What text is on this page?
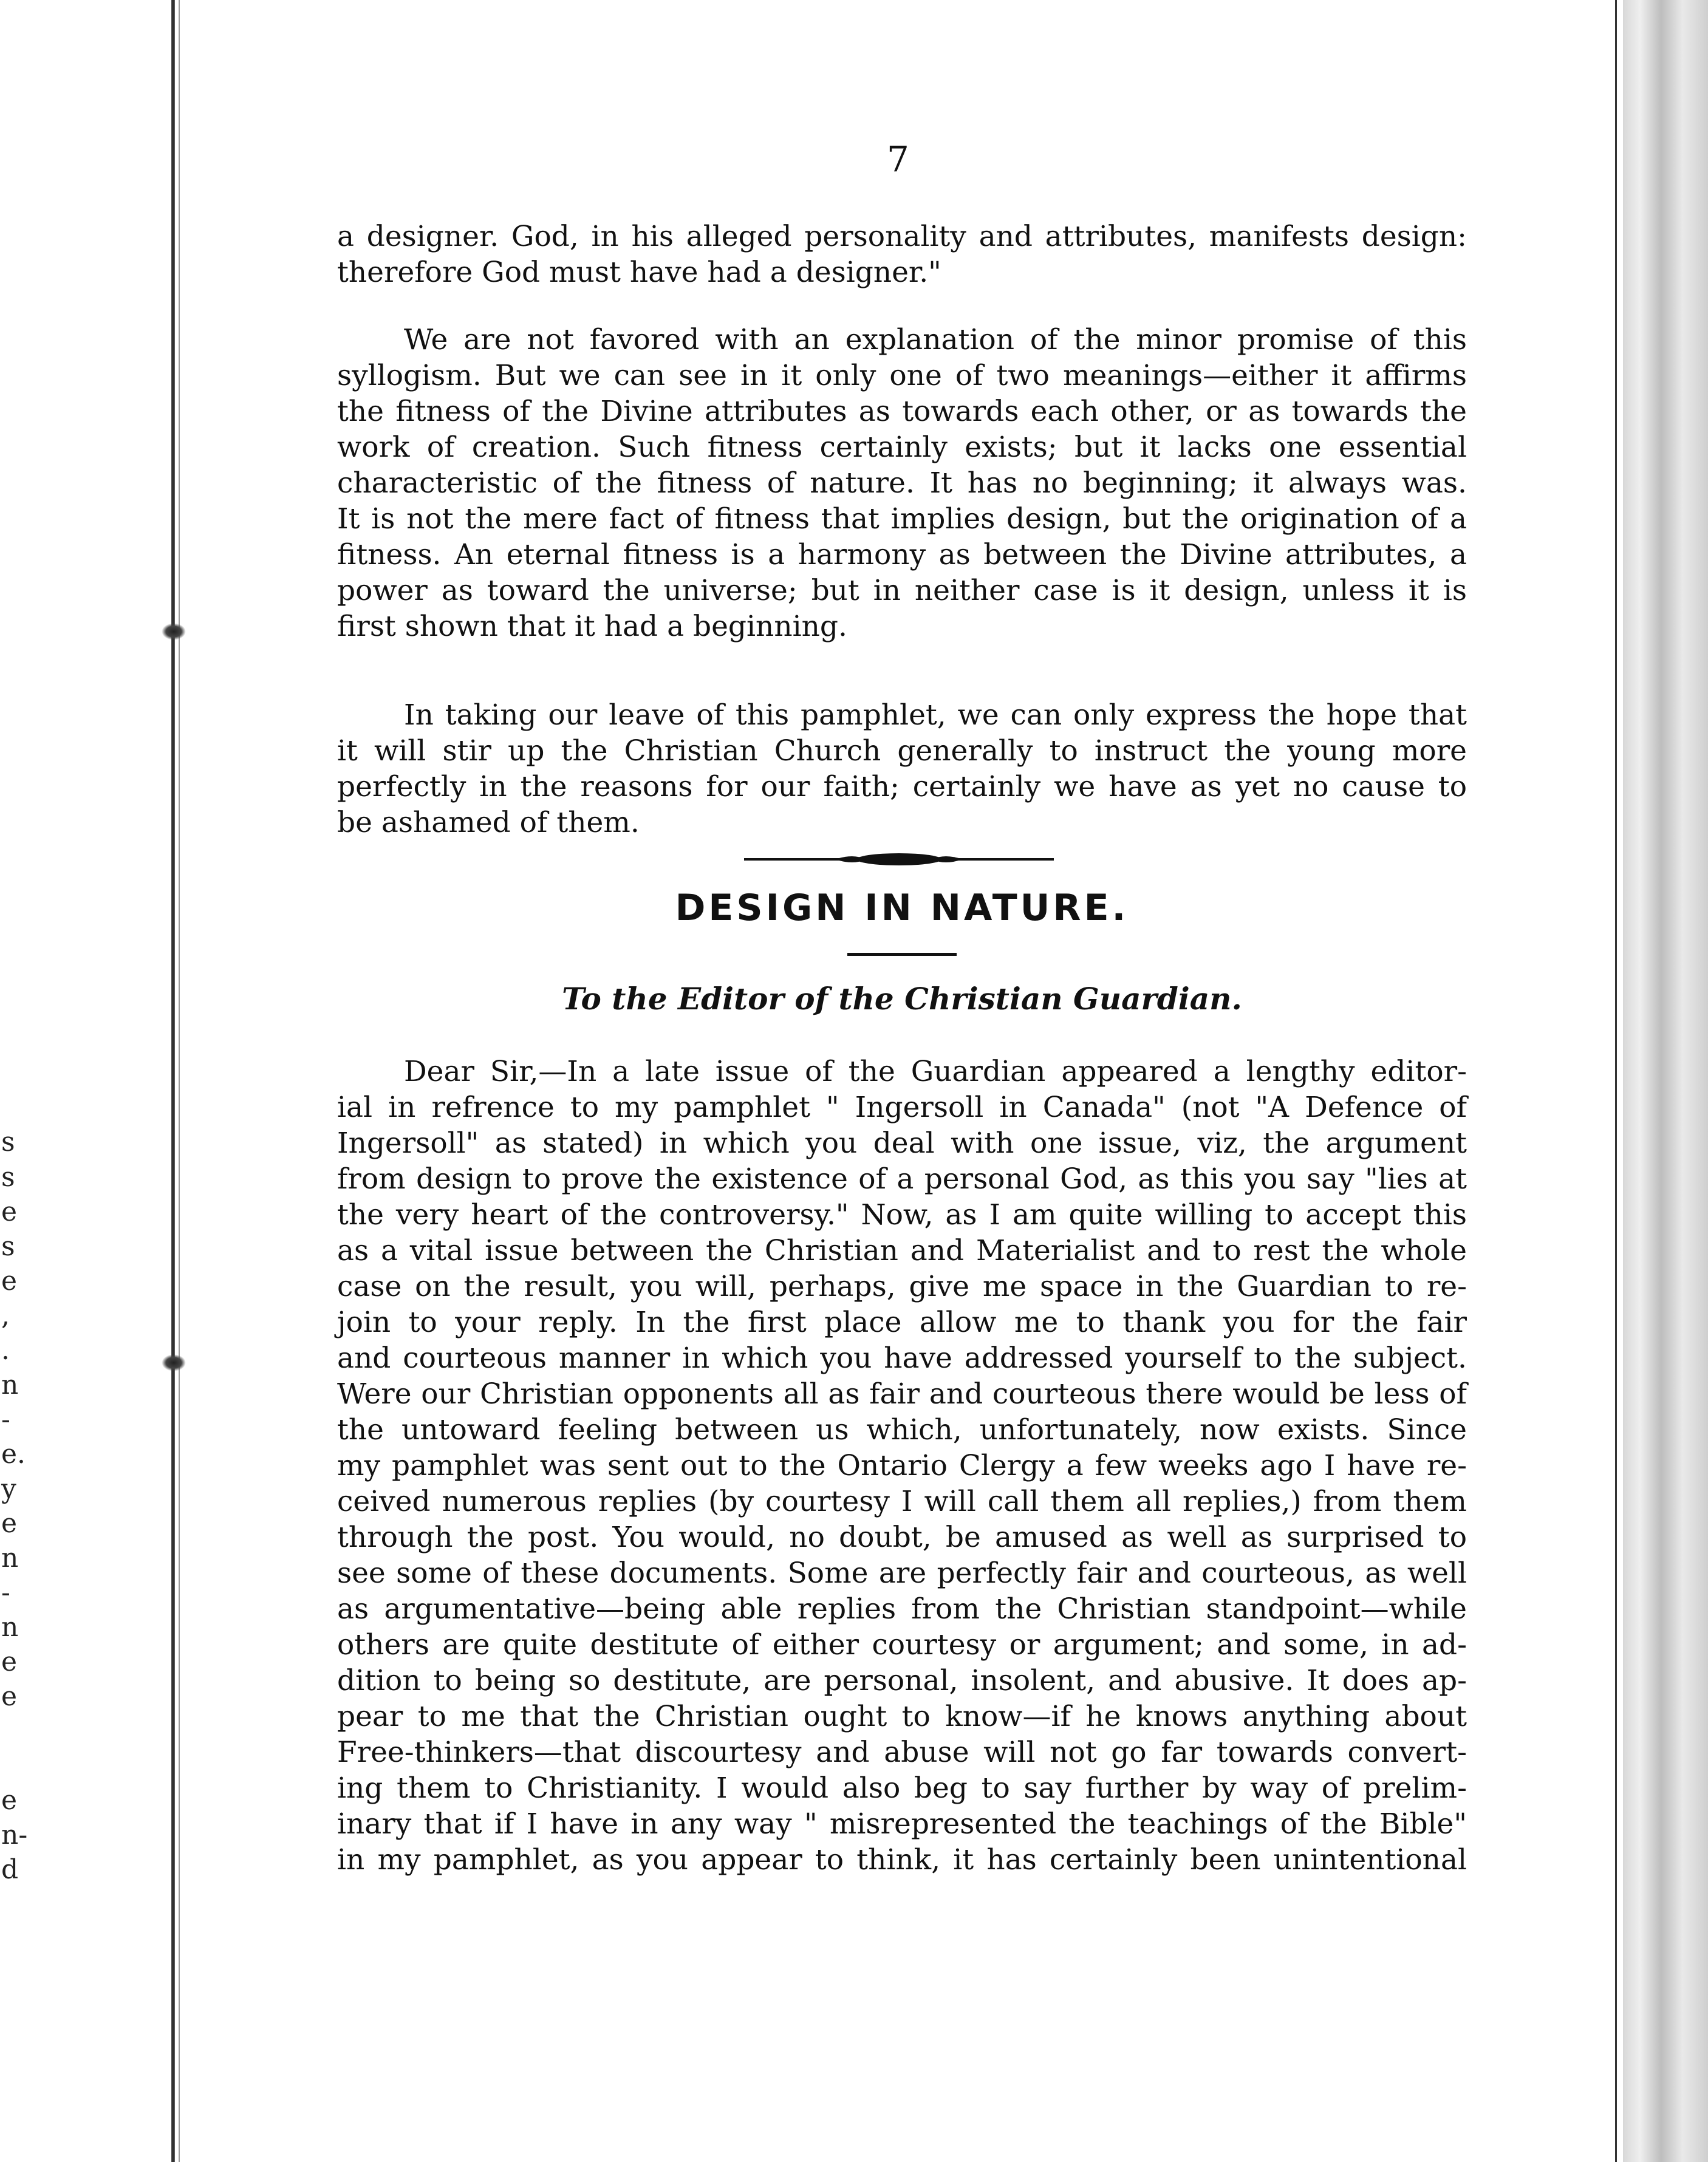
s
s
e
s
e
,
.
n
-
e.
y
e
n
-
n
e
e
e
n-
d
7
a designer. God, in his alleged personality and attributes, manifests design:
therefore God must have had a designer."
We are not favored with an explanation of the minor promise of this
syllogism. But we can see in it only one of two meanings—either it affirms
the fitness of the Divine attributes as towards each other, or as towards the
work of creation. Such fitness certainly exists; but it lacks one essential
characteristic of the fitness of nature. It has no beginning; it always was.
It is not the mere fact of fitness that implies design, but the origination of a
fitness. An eternal fitness is a harmony as between the Divine attributes, a
power as toward the universe; but in neither case is it design, unless it is
first shown that it had a beginning.
In taking our leave of this pamphlet, we can only express the hope that
it will stir up the Christian Church generally to instruct the young more
perfectly in the reasons for our faith; certainly we have as yet no cause to
be ashamed of them.
DESIGN IN NATURE.
To the Editor of the Christian Guardian.
Dear Sir,—In a late issue of the Guardian appeared a lengthy editor-
ial in refrence to my pamphlet " Ingersoll in Canada" (not "A Defence of
Ingersoll" as stated) in which you deal with one issue, viz, the argument
from design to prove the existence of a personal God, as this you say "lies at
the very heart of the controversy." Now, as I am quite willing to accept this
as a vital issue between the Christian and Materialist and to rest the whole
case on the result, you will, perhaps, give me space in the Guardian to re-
join to your reply. In the first place allow me to thank you for the fair
and courteous manner in which you have addressed yourself to the subject.
Were our Christian opponents all as fair and courteous there would be less of
the untoward feeling between us which, unfortunately, now exists. Since
my pamphlet was sent out to the Ontario Clergy a few weeks ago I have re-
ceived numerous replies (by courtesy I will call them all replies,) from them
through the post. You would, no doubt, be amused as well as surprised to
see some of these documents. Some are perfectly fair and courteous, as well
as argumentative—being able replies from the Christian standpoint—while
others are quite destitute of either courtesy or argument; and some, in ad-
dition to being so destitute, are personal, insolent, and abusive. It does ap-
pear to me that the Christian ought to know—if he knows anything about
Free-thinkers—that discourtesy and abuse will not go far towards convert-
ing them to Christianity. I would also beg to say further by way of prelim-
inary that if I have in any way " misrepresented the teachings of the Bible"
in my pamphlet, as you appear to think, it has certainly been unintentional
